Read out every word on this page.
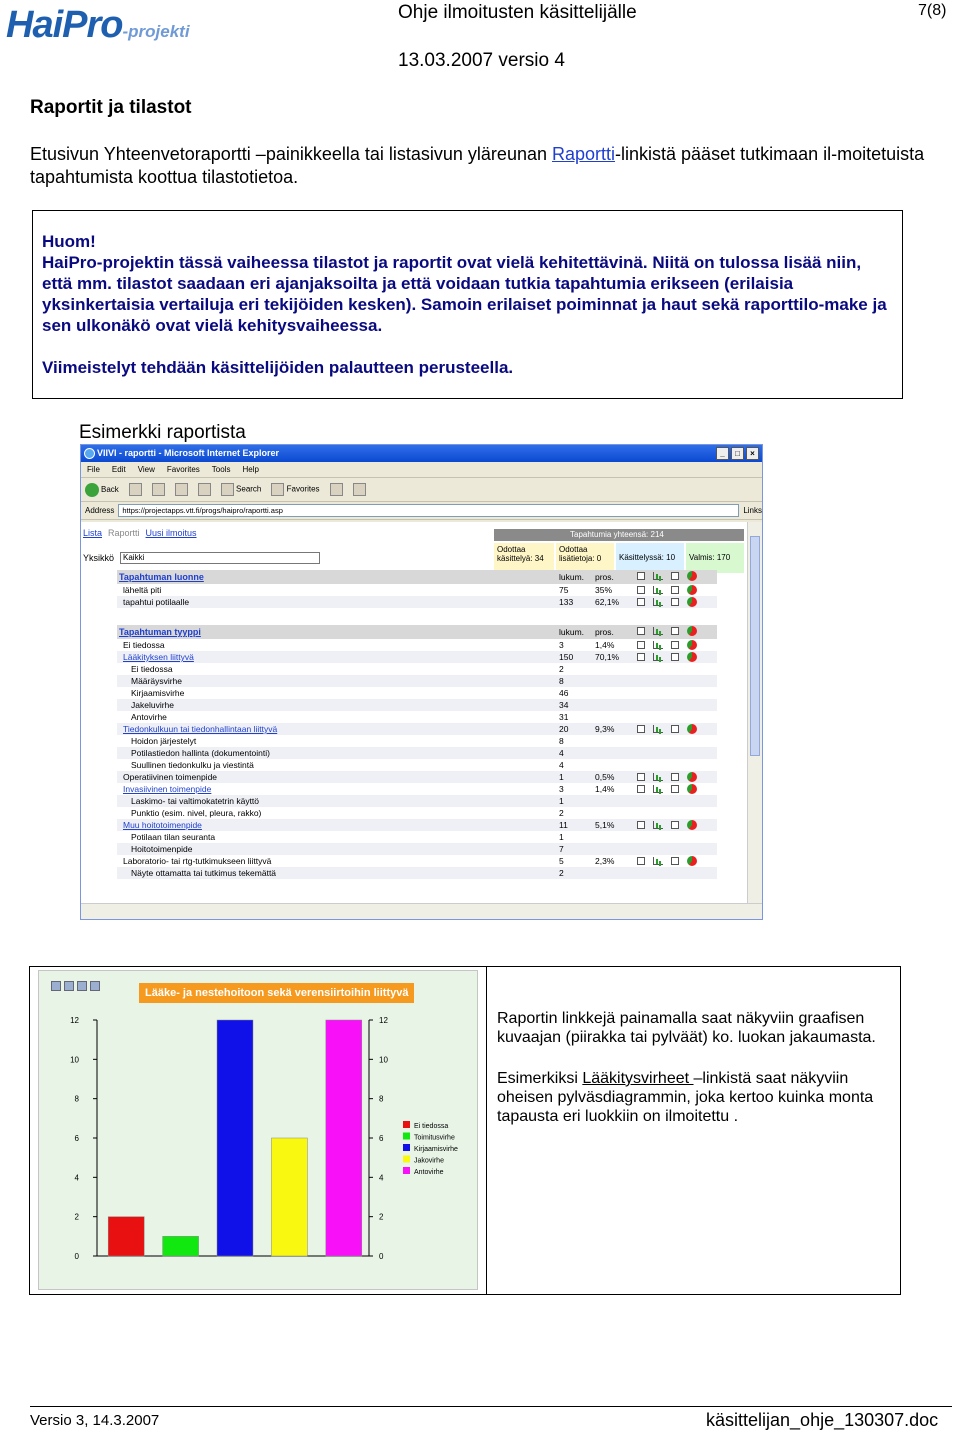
HaiPro-projekti
Ohje ilmoitusten käsittelijälle	7(8)
13.03.2007 versio 4
Raportit ja tilastot
Etusivun Yhteenvetoraportti –painikkeella tai listasivun yläreunan Raportti-linkistä pääset tutkimaan il-moitetuista tapahtumista koottua tilastotietoa.

Huom!

HaiPro-projektin tässä vaiheessa tilastot ja raportit ovat vielä kehitettävinä. Niitä on tulossa lisää niin, että mm. tilastot saadaan eri ajanjaksoilta ja että voidaan tutkia tapahtumia erikseen (erilaisia yksinkertaisia vertailuja eri tekijöiden kesken). Samoin erilaiset poiminnat ja haut sekä raporttilo-make ja sen ulkonäkö ovat vielä kehitysvaiheessa.

Viimeistelyt tehdään käsittelijöiden palautteen perusteella.

Esimerkki raportista
VIIVI - raportti - Microsoft Internet Explorer	_	□	×
File Edit View Favorites Tools Help
Back	Search	Favorites
Address	https://projectapps.vtt.fi/progs/haipro/raportti.asp	Links
Lista Raportti Uusi ilmoitus
Yksikkö	Kaikki
Tapahtumia yhteensä: 214
Odottaa käsittelyä: 34
Odottaa lisätietoja: 0	Käsittelyssä: 10	Valmis: 170
Tapahtuman luonne	lukum. pros.
läheltä piti	75	35%
tapahtui potilaalle	133	62,1%
Tapahtuman tyyppi	lukum. pros.
Ei tiedossa	3	1,4%
Lääkityksen liittyvä	150	70,1%
Ei tiedossa	2
Määräysvirhe	8
Kirjaamisvirhe	46
Jakeluvirhe	34
Antovirhe	31
Tiedonkulkuun tai tiedonhallintaan liittyvä	20	9,3%
Hoidon järjestelyt	8
Potilastiedon hallinta (dokumentointi)	4
Suullinen tiedonkulku ja viestintä	4
Operatiivinen toimenpide	1	0,5%
Invasiivinen toimenpide	3	1,4%
Laskimo- tai valtimokatetrin käyttö	1
Punktio (esim. nivel, pleura, rakko)	2
Muu hoitotoimenpide	11	5,1%
Potilaan tilan seuranta	1
Hoitotoimenpide	7
Laboratorio- tai rtg-tutkimukseen liittyvä	5	2,3%
Näyte ottamatta tai tutkimus tekemättä	2
0	0
2	2
4	4
6	6
8	8
10	10
12	12
Ei tiedossa
Toimitusvirhe
Kirjaamisvirhe
Jakovirhe
Antovirhe
Lääke- ja nestehoitoon sekä verensiirtoihin liittyvä

Raportin linkkejä painamalla saat näkyviin graafisen kuvaajan (piirakka tai pylväät) ko. luokan jakaumasta.

Esimerkiksi Lääkitysvirheet –linkistä saat näkyviin oheisen pylväsdiagrammin, joka kertoo kuinka monta tapausta eri luokkiin on ilmoitettu .

Versio 3, 14.3.2007	käsittelijan_ohje_130307.doc
